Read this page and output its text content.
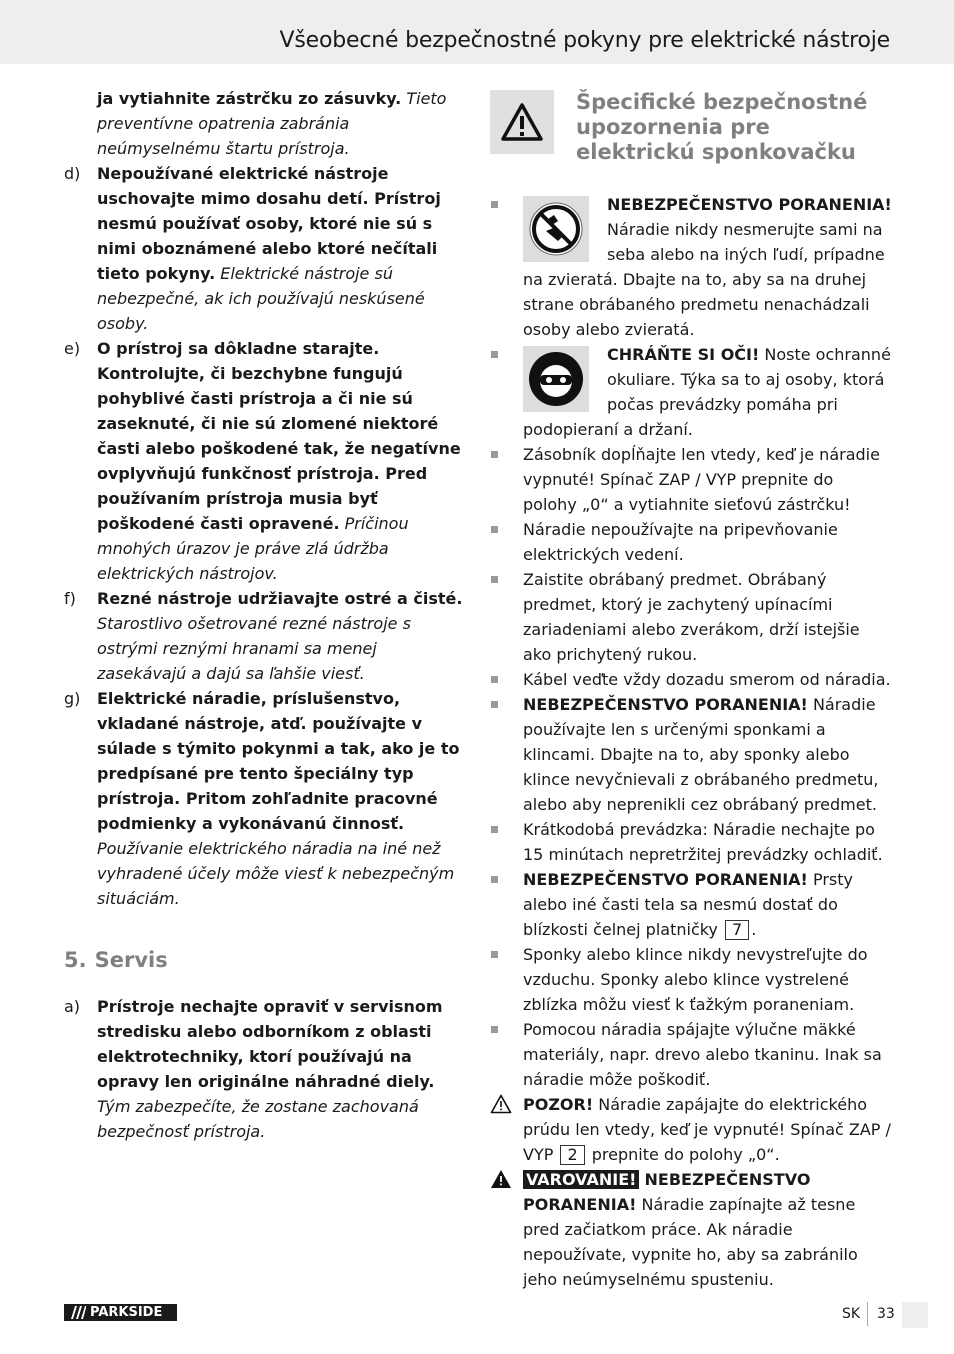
Všeobecné bezpečnostné pokyny pre elektrické nástroje

ja vytiahnite zástrčku zo zásuvky. Tieto preventívne opatrenia zabránia neúmyselnému štartu prístroja.

d) Nepoužívané elektrické nástroje uschovajte mimo dosahu detí. Prístroj nesmú používať osoby, ktoré nie sú s nimi oboznámené alebo ktoré nečítali tieto pokyny. Elektrické nástroje sú nebezpečné, ak ich používajú neskúsené osoby.
e) O prístroj sa dôkladne starajte. Kontrolujte, či bezchybne fungujú pohyblivé časti prístroja a či nie sú zaseknuté, či nie sú zlomené niektoré časti alebo poškodené tak, že negatívne ovplyvňujú funkčnosť prístroja. Pred používaním prístroja musia byť poškodené časti opravené. Príčinou mnohých úrazov je práve zlá údržba elektrických nástrojov.
f) Rezné nástroje udržiavajte ostré a čisté. Starostlivo ošetrované rezné nástroje s ostrými reznými hranami sa menej zasekávajú a dajú sa ľahšie viesť.
g) Elektrické náradie, príslušenstvo, vkladané nástroje, atď. používajte v súlade s týmito pokynmi a tak, ako je to predpísané pre tento špeciálny typ prístroja. Pritom zohľadnite pracovné podmienky a vykonávanú činnosť. Používanie elektrického náradia na iné než vyhradené účely môže viesť k nebezpečným situáciám.
5. Servis
a) Prístroje nechajte opraviť v servisnom stredisku alebo odborníkom z oblasti elektrotechniky, ktorí používajú na opravy len originálne náhradné diely. Tým zabezpečíte, že zostane zachovaná bezpečnosť prístroja.
Špecifické bezpečnostné upozornenia pre elektrickú sponkovačku
NEBEZPEČENSTVO PORANENIA! Náradie nikdy nesmerujte sami na seba alebo na iných ľudí, prípadne na zvieratá. Dbajte na to, aby sa na druhej strane obrábaného predmetu nenachádzali osoby alebo zvieratá.
CHRÁŇTE SI OČI! Noste ochranné okuliare. Týka sa to aj osoby, ktorá počas prevádzky pomáha pri podopieraní a držaní.
Zásobník dopĺňajte len vtedy, keď je náradie vypnuté! Spínač ZAP / VYP prepnite do polohy „0“ a vytiahnite sieťovú zástrčku!
Náradie nepoužívajte na pripevňovanie elektrických vedení.
Zaistite obrábaný predmet. Obrábaný predmet, ktorý je zachytený upínacími zariadeniami alebo zverákom, drží istejšie ako prichytený rukou.
Kábel veďte vždy dozadu smerom od náradia.
NEBEZPEČENSTVO PORANENIA! Náradie používajte len s určenými sponkami a klincami. Dbajte na to, aby sponky alebo klince nevyčnievali z obrábaného predmetu, alebo aby neprenikli cez obrábaný predmet.
Krátkodobá prevádzka: Náradie nechajte po 15 minútach nepretržitej prevádzky ochladiť.
NEBEZPEČENSTVO PORANENIA! Prsty alebo iné časti tela sa nesmú dostať do blízkosti čelnej platničky 7 .
Sponky alebo klince nikdy nevystreľujte do vzduchu. Sponky alebo klince vystrelené zblízka môžu viesť k ťažkým poraneniam.
Pomocou náradia spájajte výlučne mäkké materiály, napr. drevo alebo tkaninu. Inak sa náradie môže poškodiť.
POZOR! Náradie zapájajte do elektrického prúdu len vtedy, keď je vypnuté! Spínač ZAP / VYP 2 prepnite do polohy „0“.
VAROVANIE! NEBEZPEČENSTVO PORANENIA! Náradie zapínajte až tesne pred začiatkom práce. Ak náradie nepoužívate, vypnite ho, aby sa zabránilo jeho neúmyselnému spusteniu.
PARKSIDE	SK 33
